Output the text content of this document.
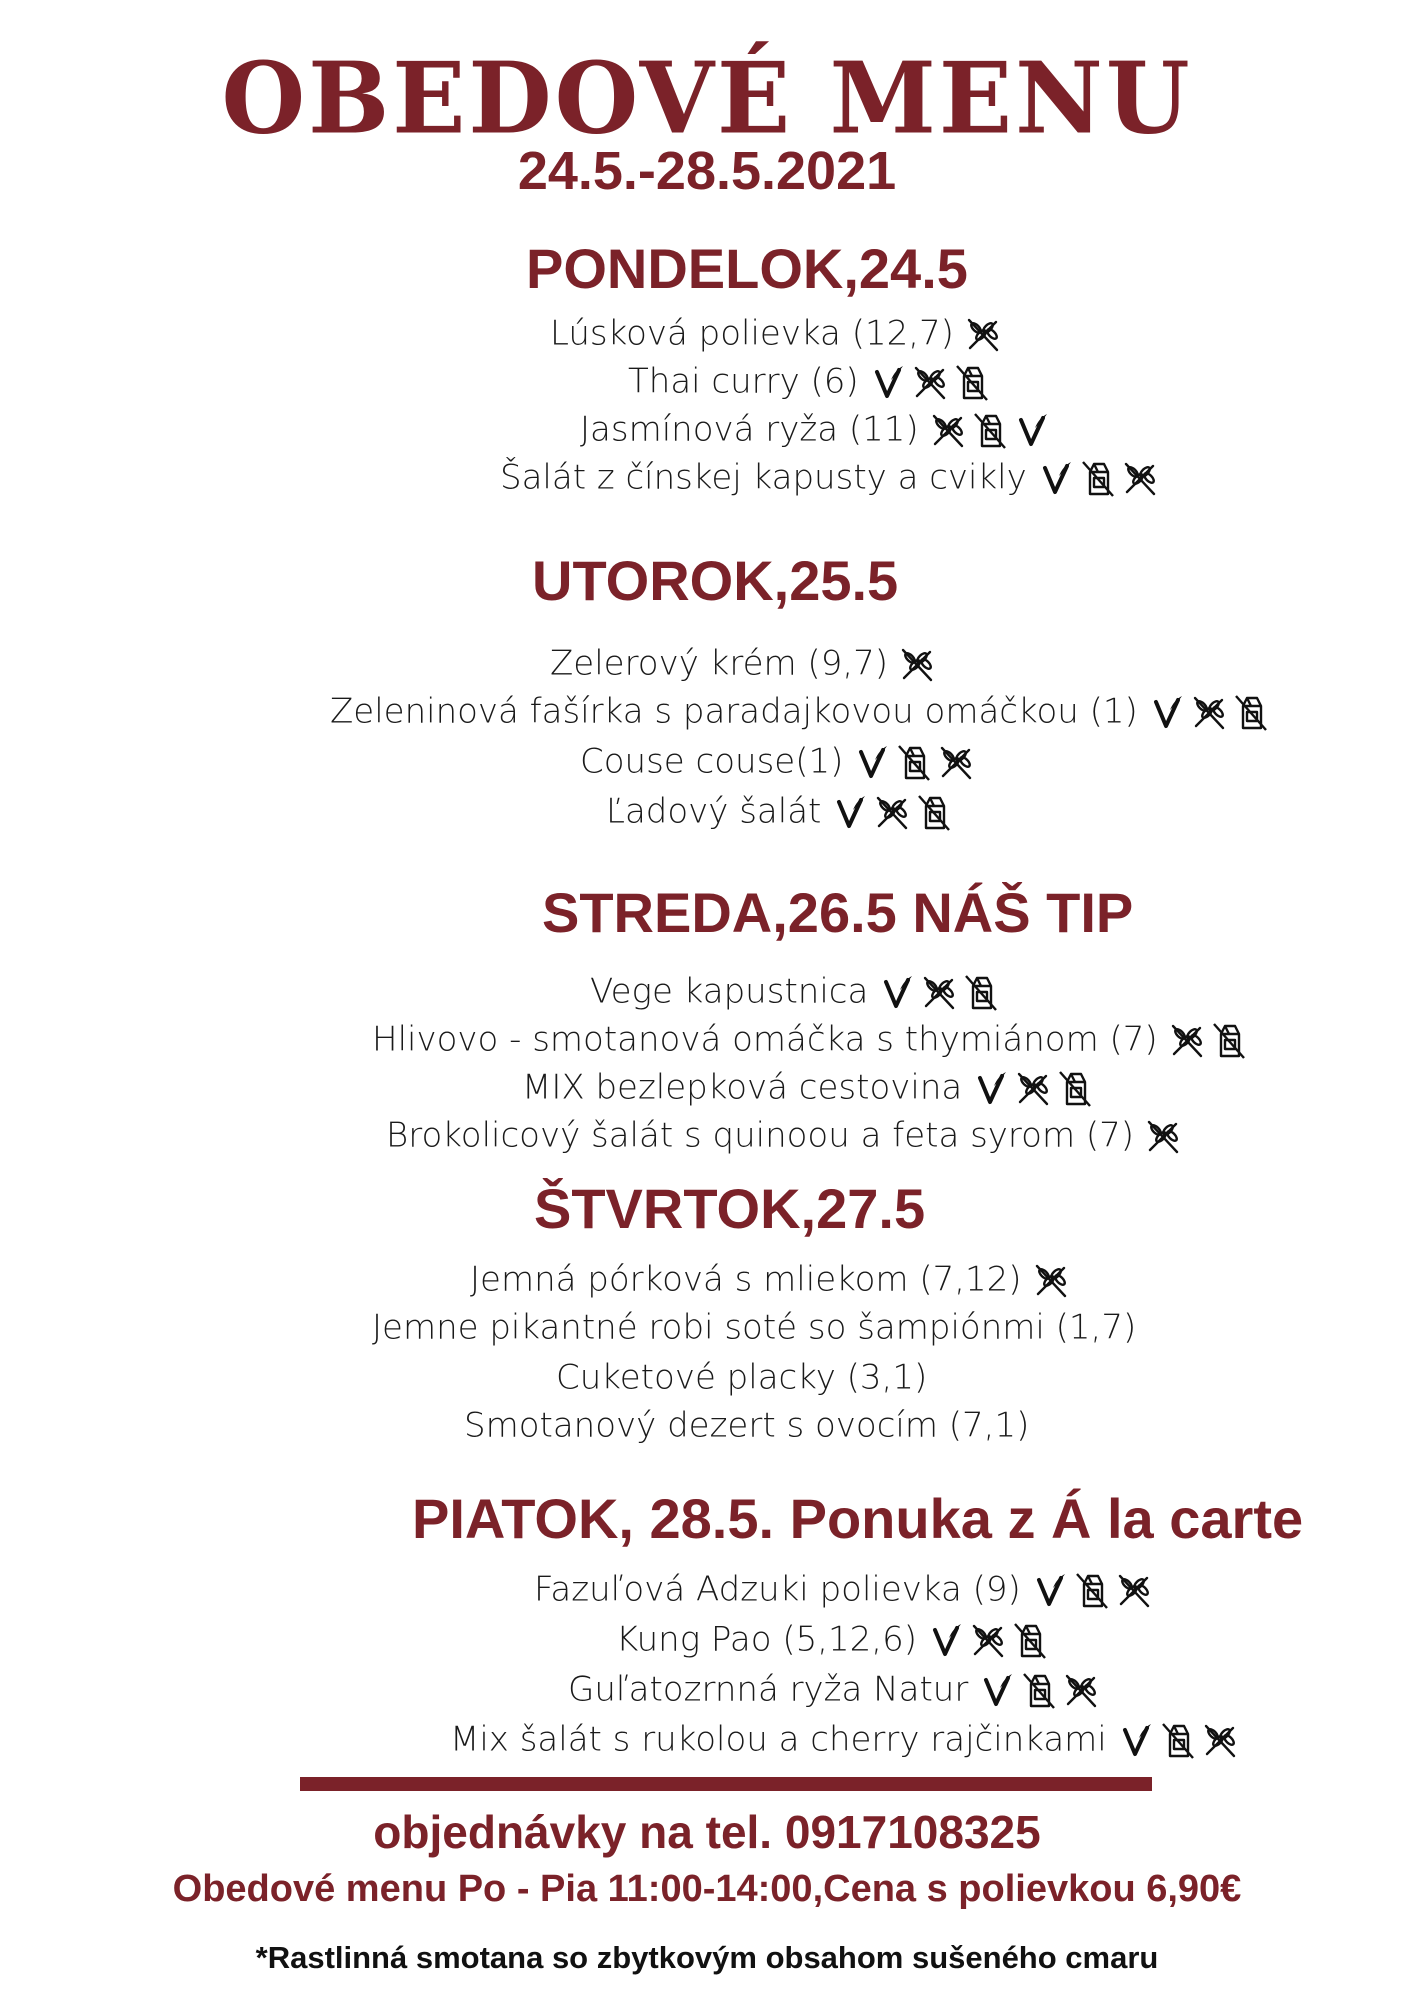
OBEDOVÉ MENU
24.5.-28.5.2021
PONDELOK,24.5
Lúsková polievka (12,7)
Thai curry (6)
Jasmínová ryža (11)
Šalát z čínskej kapusty a cvikly
UTOROK,25.5
Zelerový krém (9,7)
Zeleninová fašírka s paradajkovou omáčkou (1)
Couse couse(1)
Ľadový šalát
STREDA,26.5 NÁŠ TIP
Vege kapustnica
Hlivovo - smotanová omáčka s thymiánom (7)
MIX bezlepková cestovina
Brokolicový šalát s quinoou a feta syrom (7)
ŠTVRTOK,27.5
Jemná pórková s mliekom (7,12)
Jemne pikantné robi soté so šampiónmi (1,7)
Cuketové placky (3,1)
Smotanový dezert s ovocím (7,1)
PIATOK, 28.5. Ponuka z Á la carte
Fazuľová Adzuki polievka (9)
Kung Pao (5,12,6)
Guľatozrnná ryža Natur
Mix šalát s rukolou a cherry rajčinkami
objednávky na tel. 0917108325
Obedové menu Po - Pia 11:00-14:00,Cena s polievkou 6,90€
*Rastlinná smotana so zbytkovým obsahom sušeného cmaru
